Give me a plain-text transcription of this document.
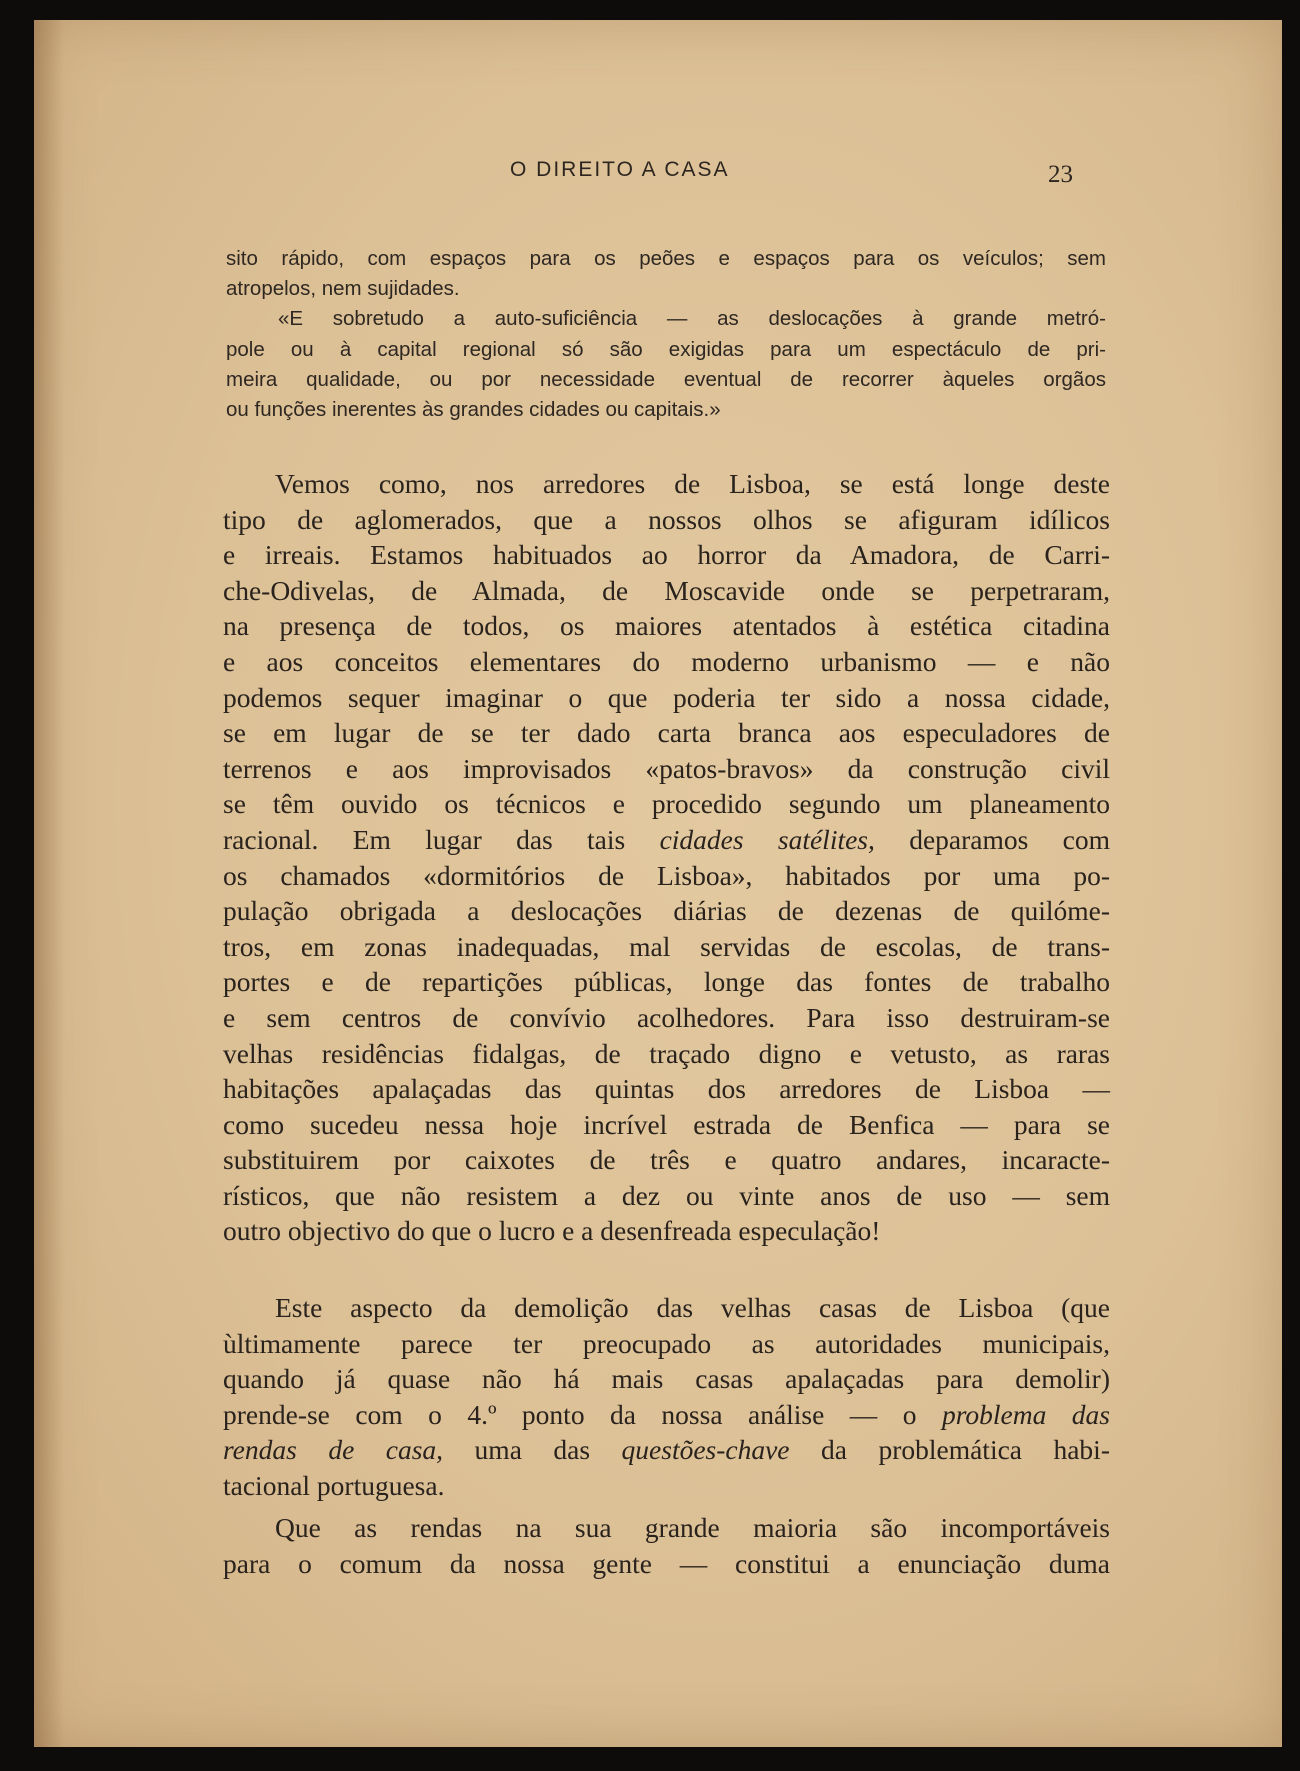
O DIREITO A CASA	23
sito rápido, com espaços para os peões e espaços para os veículos; sem
atropelos, nem sujidades.
«E sobretudo a auto-suficiência — as deslocações à grande metró-
pole ou à capital regional só são exigidas para um espectáculo de pri-
meira qualidade, ou por necessidade eventual de recorrer àqueles orgãos
ou funções inerentes às grandes cidades ou capitais.»
Vemos como, nos arredores de Lisboa, se está longe deste
tipo de aglomerados, que a nossos olhos se afiguram idílicos
e irreais. Estamos habituados ao horror da Amadora, de Carri-
che-Odivelas, de Almada, de Moscavide onde se perpetraram,
na presença de todos, os maiores atentados à estética citadina
e aos conceitos elementares do moderno urbanismo — e não
podemos sequer imaginar o que poderia ter sido a nossa cidade,
se em lugar de se ter dado carta branca aos especuladores de
terrenos e aos improvisados «patos-bravos» da construção civil
se têm ouvido os técnicos e procedido segundo um planeamento
racional. Em lugar das tais cidades satélites, deparamos com
os chamados «dormitórios de Lisboa», habitados por uma po-
pulação obrigada a deslocações diárias de dezenas de quilóme-
tros, em zonas inadequadas, mal servidas de escolas, de trans-
portes e de repartições públicas, longe das fontes de trabalho
e sem centros de convívio acolhedores. Para isso destruiram-se
velhas residências fidalgas, de traçado digno e vetusto, as raras
habitações apalaçadas das quintas dos arredores de Lisboa —
como sucedeu nessa hoje incrível estrada de Benfica — para se
substituirem por caixotes de três e quatro andares, incaracte-
rísticos, que não resistem a dez ou vinte anos de uso — sem
outro objectivo do que o lucro e a desenfreada especulação!
Este aspecto da demolição das velhas casas de Lisboa (que
ùltimamente parece ter preocupado as autoridades municipais,
quando já quase não há mais casas apalaçadas para demolir)
prende-se com o 4.º ponto da nossa análise — o problema das
rendas de casa, uma das questões-chave da problemática habi-
tacional portuguesa.
Que as rendas na sua grande maioria são incomportáveis
para o comum da nossa gente — constitui a enunciação duma
